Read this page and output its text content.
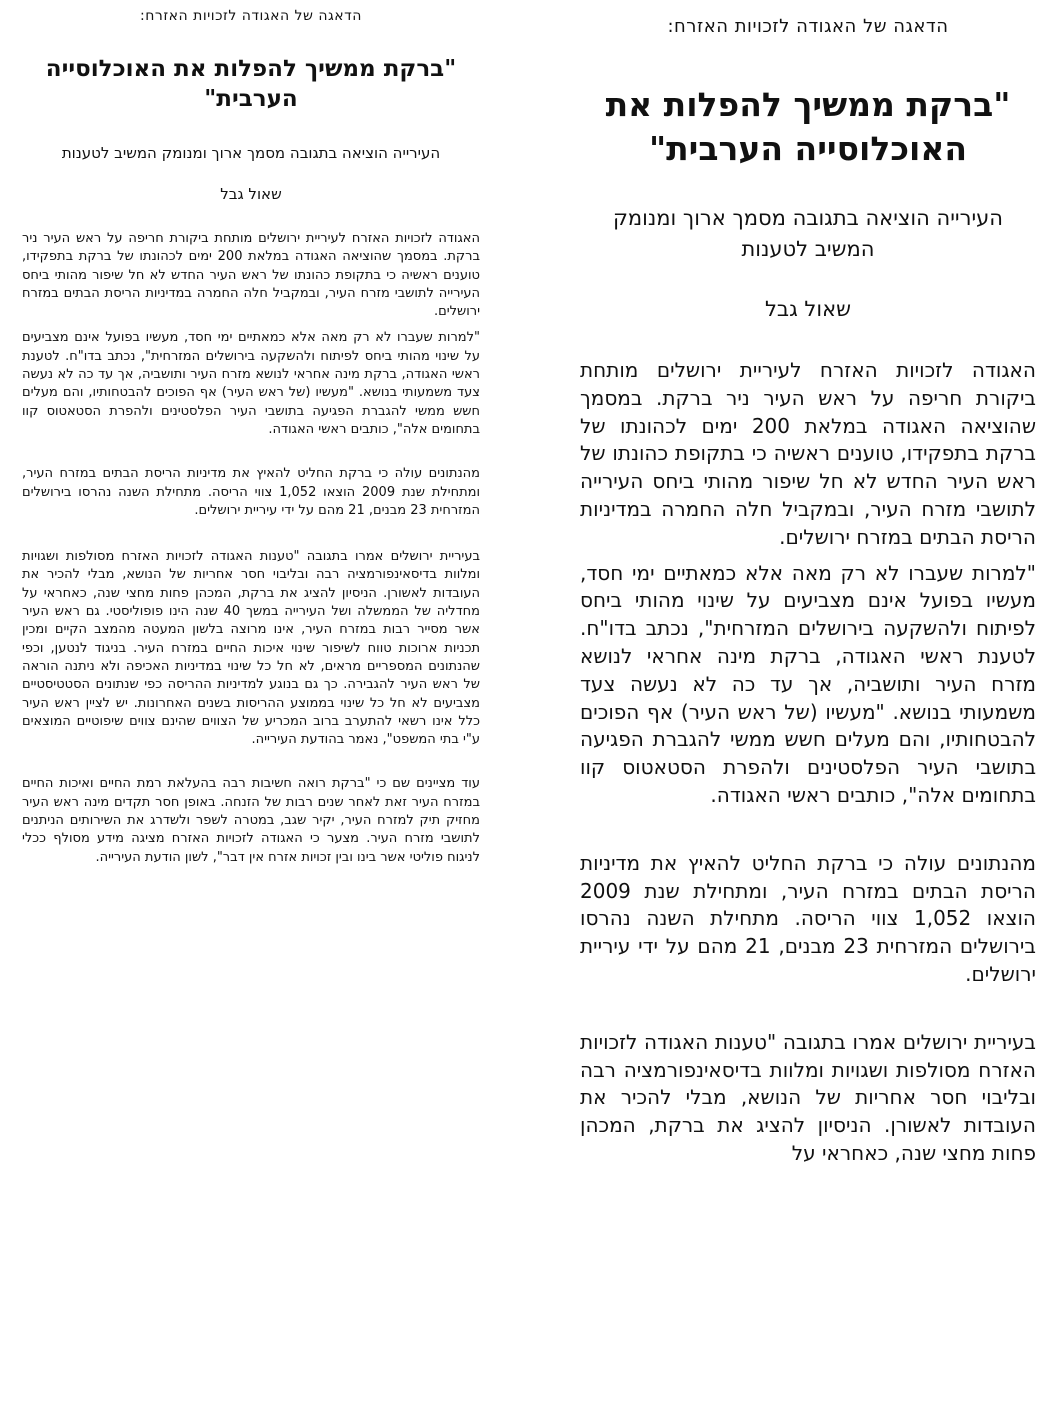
הדאגה של האגודה לזכויות האזרח:

"ברקת ממשיך להפלות את האוכלוסייה הערבית"

העירייה הוציאה בתגובה מסמך ארוך ומנומק המשיב לטענות

שאול גבל

האגודה לזכויות האזרח לעיריית ירושלים מותחת ביקורת חריפה על ראש העיר ניר ברקת. במסמך שהוציאה האגודה במלאת 200 ימים לכהונתו של ברקת בתפקידו, טוענים ראשיה כי בתקופת כהונתו של ראש העיר החדש לא חל שיפור מהותי ביחס העירייה לתושבי מזרח העיר, ובמקביל חלה החמרה במדיניות הריסת הבתים במזרח ירושלים.

"למרות שעברו לא רק מאה אלא כמאתיים ימי חסד, מעשיו בפועל אינם מצביעים על שינוי מהותי ביחס לפיתוח ולהשקעה בירושלים המזרחית", נכתב בדו"ח. לטענת ראשי האגודה, ברקת מינה אחראי לנושא מזרח העיר ותושביה, אך עד כה לא נעשה צעד משמעותי בנושא. "מעשיו (של ראש העיר) אף הפוכים להבטחותיו, והם מעלים חשש ממשי להגברת הפגיעה בתושבי העיר הפלסטינים ולהפרת הסטאטוס קוו בתחומים אלה", כותבים ראשי האגודה.

מהנתונים עולה כי ברקת החליט להאיץ את מדיניות הריסת הבתים במזרח העיר, ומתחילת שנת 2009 הוצאו 1,052 צווי הריסה. מתחילת השנה נהרסו בירושלים המזרחית 23 מבנים, 21 מהם על ידי עיריית ירושלים.

בעיריית ירושלים אמרו בתגובה "טענות האגודה לזכויות האזרח מסולפות ושגויות ומלוות בדיסאינפורמציה רבה ובליבוי חסר אחריות של הנושא, מבלי להכיר את העובדות לאשורן. הניסיון להציג את ברקת, המכהן פחות מחצי שנה, כאחראי על מחדליה של הממשלה ושל העירייה במשך 40 שנה הינו פופוליסטי. גם ראש העיר אשר מסייר רבות במזרח העיר, אינו מרוצה בלשון המעטה מהמצב הקיים ומכין תכניות ארוכות טווח לשיפור שינוי איכות החיים במזרח העיר. בניגוד לנטען, וכפי שהנתונים המספריים מראים, לא חל כל שינוי במדיניות האכיפה ולא ניתנה הוראה של ראש העיר להגבירה. כך גם בנוגע למדיניות ההריסה כפי שנתונים הסטטיסטיים מצביעים לא חל כל שינוי בממוצע ההריסות בשנים האחרונות. יש לציין ראש העיר כלל אינו רשאי להתערב ברוב המכריע של הצווים שהינם צווים שיפוטיים המוצאים ע"י בתי המשפט", נאמר בהודעת העירייה.

עוד מציינים שם כי "ברקת רואה חשיבות רבה בהעלאת רמת החיים ואיכות החיים במזרח העיר זאת לאחר שנים רבות של הזנחה. באופן חסר תקדים מינה ראש העיר מחזיק תיק למזרח העיר, יקיר שגב, במטרה לשפר ולשדרג את השירותים הניתנים לתושבי מזרח העיר. מצער כי האגודה לזכויות האזרח מציגה מידע מסולף ככלי לניגוח פוליטי אשר בינו ובין זכויות אזרח אין דבר", לשון הודעת העירייה.

הדאגה של האגודה לזכויות האזרח:

"ברקת ממשיך להפלות את האוכלוסייה הערבית"

העירייה הוציאה בתגובה מסמך ארוך ומנומק המשיב לטענות

שאול גבל

האגודה לזכויות האזרח לעיריית ירושלים מותחת ביקורת חריפה על ראש העיר ניר ברקת. במסמך שהוציאה האגודה במלאת 200 ימים לכהונתו של ברקת בתפקידו, טוענים ראשיה כי בתקופת כהונתו של ראש העיר החדש לא חל שיפור מהותי ביחס העירייה לתושבי מזרח העיר, ובמקביל חלה החמרה במדיניות הריסת הבתים במזרח ירושלים.

"למרות שעברו לא רק מאה אלא כמאתיים ימי חסד, מעשיו בפועל אינם מצביעים על שינוי מהותי ביחס לפיתוח ולהשקעה בירושלים המזרחית", נכתב בדו"ח. לטענת ראשי האגודה, ברקת מינה אחראי לנושא מזרח העיר ותושביה, אך עד כה לא נעשה צעד משמעותי בנושא. "מעשיו (של ראש העיר) אף הפוכים להבטחותיו, והם מעלים חשש ממשי להגברת הפגיעה בתושבי העיר הפלסטינים ולהפרת הסטאטוס קוו בתחומים אלה", כותבים ראשי האגודה.

מהנתונים עולה כי ברקת החליט להאיץ את מדיניות הריסת הבתים במזרח העיר, ומתחילת שנת 2009 הוצאו 1,052 צווי הריסה. מתחילת השנה נהרסו בירושלים המזרחית 23 מבנים, 21 מהם על ידי עיריית ירושלים.

בעיריית ירושלים אמרו בתגובה "טענות האגודה לזכויות האזרח מסולפות ושגויות ומלוות בדיסאינפורמציה רבה ובליבוי חסר אחריות של הנושא, מבלי להכיר את העובדות לאשורן. הניסיון להציג את ברקת, המכהן פחות מחצי שנה, כאחראי על
